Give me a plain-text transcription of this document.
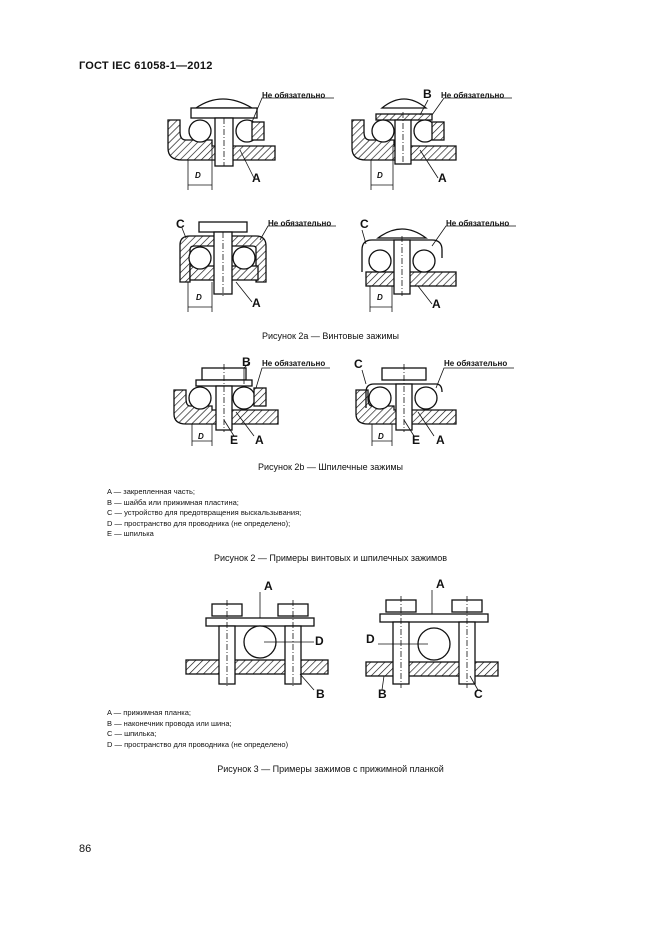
ГОСТ IEC 61058-1—2012
Не обязательно
D	A
Не обязательно
B
D	A
C	Не обязательно
D	A
C	Не обязательно
D	A
B Не обязательно
D E A
C	Не обязательно
D E A
A
D
B
A
D
B	C
Рисунок 2a — Винтовые зажимы
Рисунок 2b — Шпилечные зажимы
A — закрепленная часть;
B — шайба или прижимная пластина;
C — устройство для предотвращения выскальзывания;
D — пространство для проводника (не определено);
E — шпилька
Рисунок 2 — Примеры винтовых и шпилечных зажимов
A — прижимная планка;
B — наконечник провода или шина;
C — шпилька;
D — пространство для проводника (не определено)
Рисунок 3 — Примеры зажимов с прижимной планкой
86
